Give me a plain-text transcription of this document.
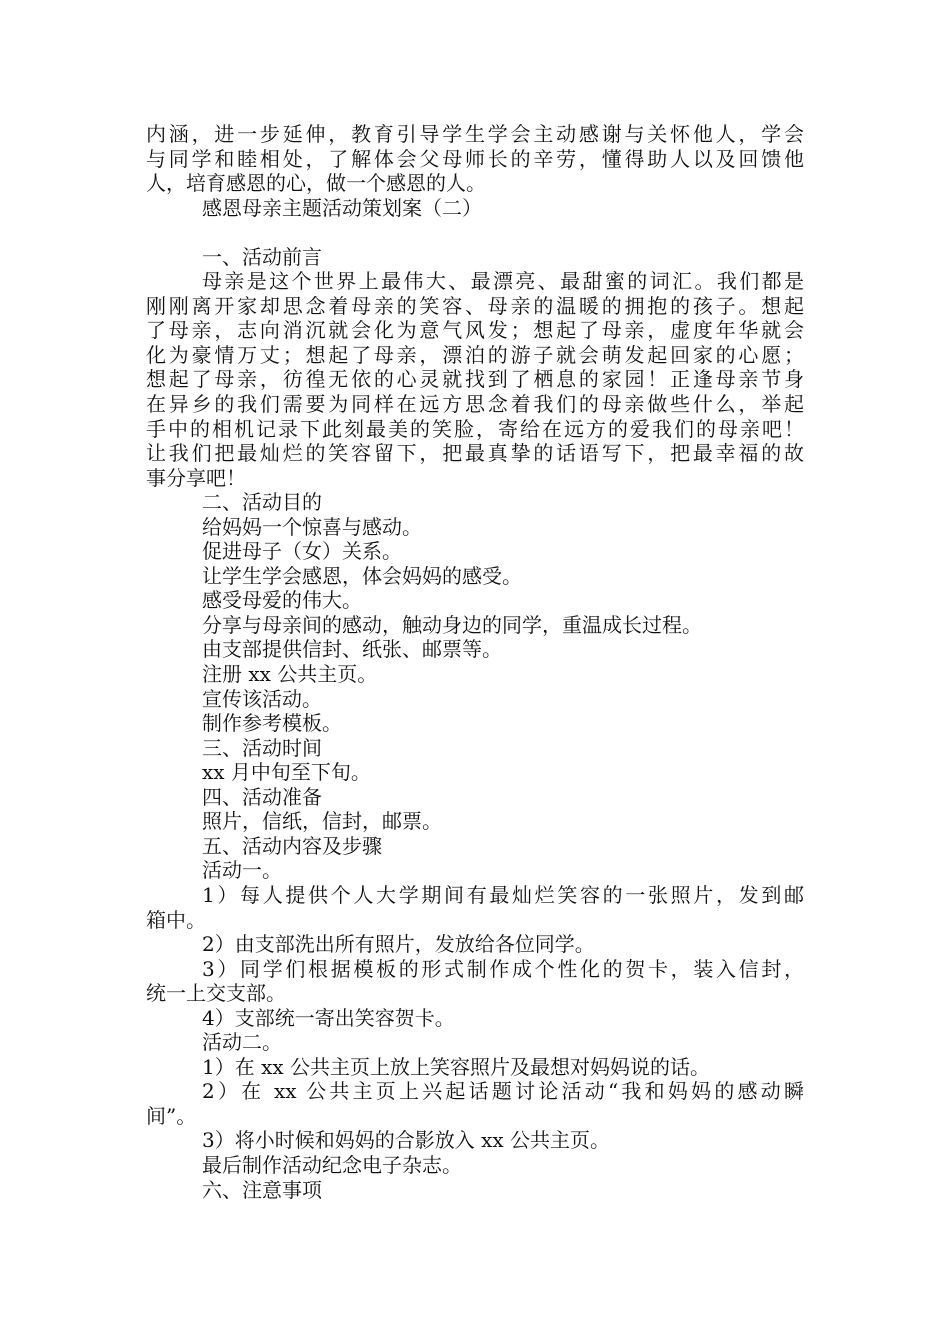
内涵，进一步延伸，教育引导学生学会主动感谢与关怀他人，学会
与同学和睦相处，了解体会父母师长的辛劳，懂得助人以及回馈他
人，培育感恩的心，做一个感恩的人。
感恩母亲主题活动策划案（二）
一、活动前言
母亲是这个世界上最伟大、最漂亮、最甜蜜的词汇。我们都是
刚刚离开家却思念着母亲的笑容、母亲的温暖的拥抱的孩子。想起
了母亲，志向消沉就会化为意气风发；想起了母亲，虚度年华就会
化为豪情万丈；想起了母亲，漂泊的游子就会萌发起回家的心愿；
想起了母亲，彷徨无依的心灵就找到了栖息的家园！正逢母亲节身
在异乡的我们需要为同样在远方思念着我们的母亲做些什么，举起
手中的相机记录下此刻最美的笑脸，寄给在远方的爱我们的母亲吧！
让我们把最灿烂的笑容留下，把最真挚的话语写下，把最幸福的故
事分享吧！
二、活动目的
给妈妈一个惊喜与感动。
促进母子（女）关系。
让学生学会感恩，体会妈妈的感受。
感受母爱的伟大。
分享与母亲间的感动，触动身边的同学，重温成长过程。
由支部提供信封、纸张、邮票等。
注册 xx 公共主页。
宣传该活动。
制作参考模板。
三、活动时间
xx 月中旬至下旬。
四、活动准备
照片，信纸，信封，邮票。
五、活动内容及步骤
活动一。
1）每人提供个人大学期间有最灿烂笑容的一张照片，发到邮
箱中。
2）由支部洗出所有照片，发放给各位同学。
3）同学们根据模板的形式制作成个性化的贺卡，装入信封，
统一上交支部。
4）支部统一寄出笑容贺卡。
活动二。
1）在 xx 公共主页上放上笑容照片及最想对妈妈说的话。
2）在 xx 公共主页上兴起话题讨论活动“我和妈妈的感动瞬
间”。
3）将小时候和妈妈的合影放入 xx 公共主页。
最后制作活动纪念电子杂志。
六、注意事项
